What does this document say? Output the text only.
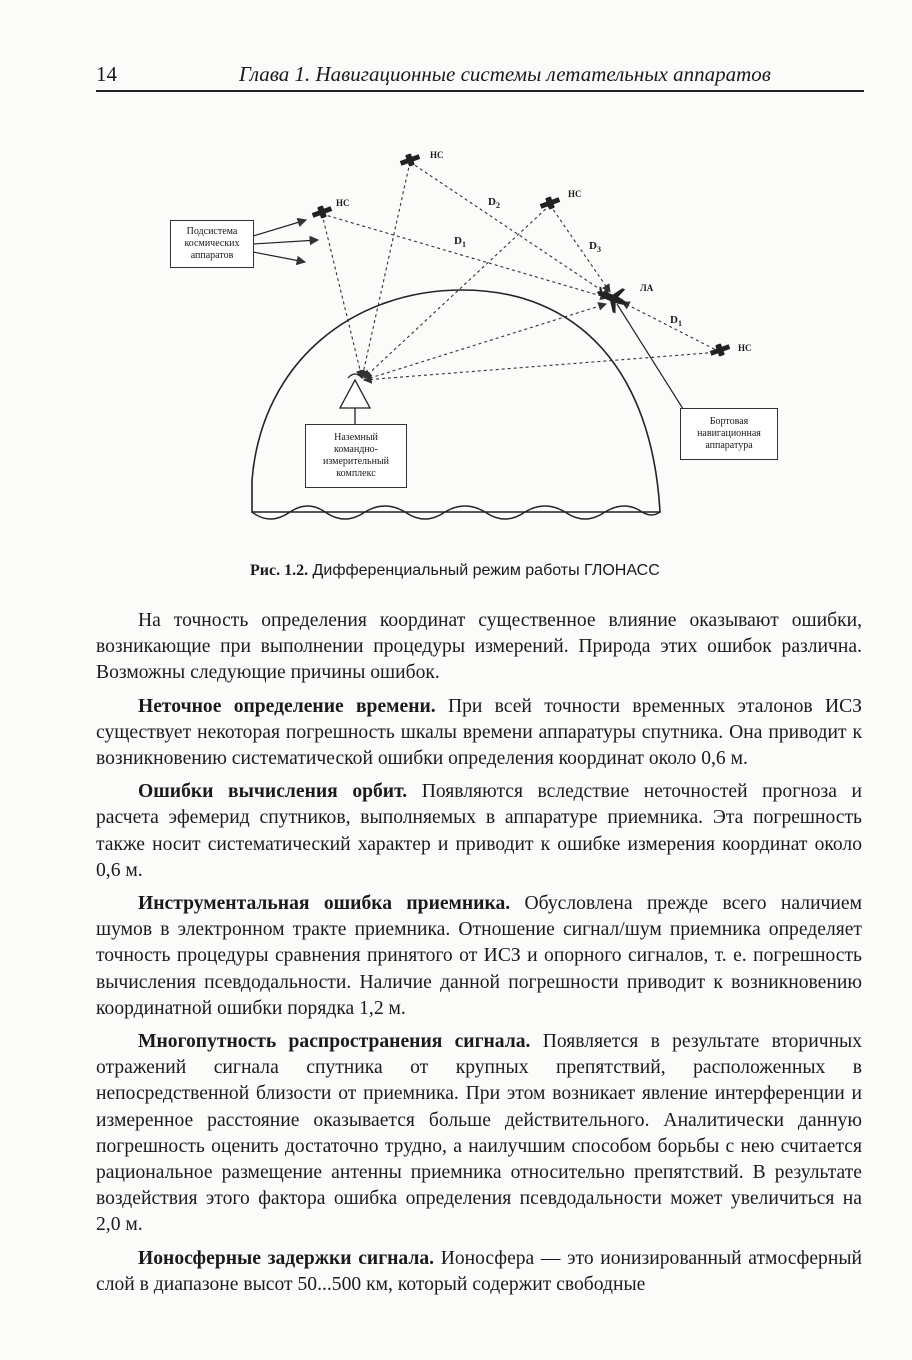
14	Глава 1. Навигационные системы летательных аппаратов
НС
НС
НС
НС
ЛА
$D_2$
$D_1$	$D_3$
$D_1$
Подсистема
космических
аппаратов
Наземный
командно-
измерительный
комплекс
Бортовая
навигационная
аппаратура
Рис. 1.2. Дифференциальный режим работы ГЛОНАСС

На точность определения координат существенное влияние оказывают ошибки, возникающие при выполнении процедуры измерений. Природа этих ошибок различна. Возможны следующие причины ошибок.

Неточное определение времени. При всей точности временных эталонов ИСЗ существует некоторая погрешность шкалы времени аппаратуры спутника. Она приводит к возникновению систематической ошибки определения координат около 0,6 м.

Ошибки вычисления орбит. Появляются вследствие неточностей прогноза и расчета эфемерид спутников, выполняемых в аппаратуре приемника. Эта погрешность также носит систематический характер и приводит к ошибке измерения координат около 0,6 м.

Инструментальная ошибка приемника. Обусловлена прежде всего наличием шумов в электронном тракте приемника. Отношение сигнал/шум приемника определяет точность процедуры сравнения принятого от ИСЗ и опорного сигналов, т. е. погрешность вычисления псевдодальности. Наличие данной погрешности приводит к возникновению координатной ошибки порядка 1,2 м.

Многопутность распространения сигнала. Появляется в результате вторичных отражений сигнала спутника от крупных препятствий, расположенных в непосредственной близости от приемника. При этом возникает явление интерференции и измеренное расстояние оказывается больше действительного. Аналитически данную погрешность оценить достаточно трудно, а наилучшим способом борьбы с нею считается рациональное размещение антенны приемника относительно препятствий. В результате воздействия этого фактора ошибка определения псевдодальности может увеличиться на 2,0 м.

Ионосферные задержки сигнала. Ионосфера — это ионизированный атмосферный слой в диапазоне высот 50...500 км, который содержит свободные
